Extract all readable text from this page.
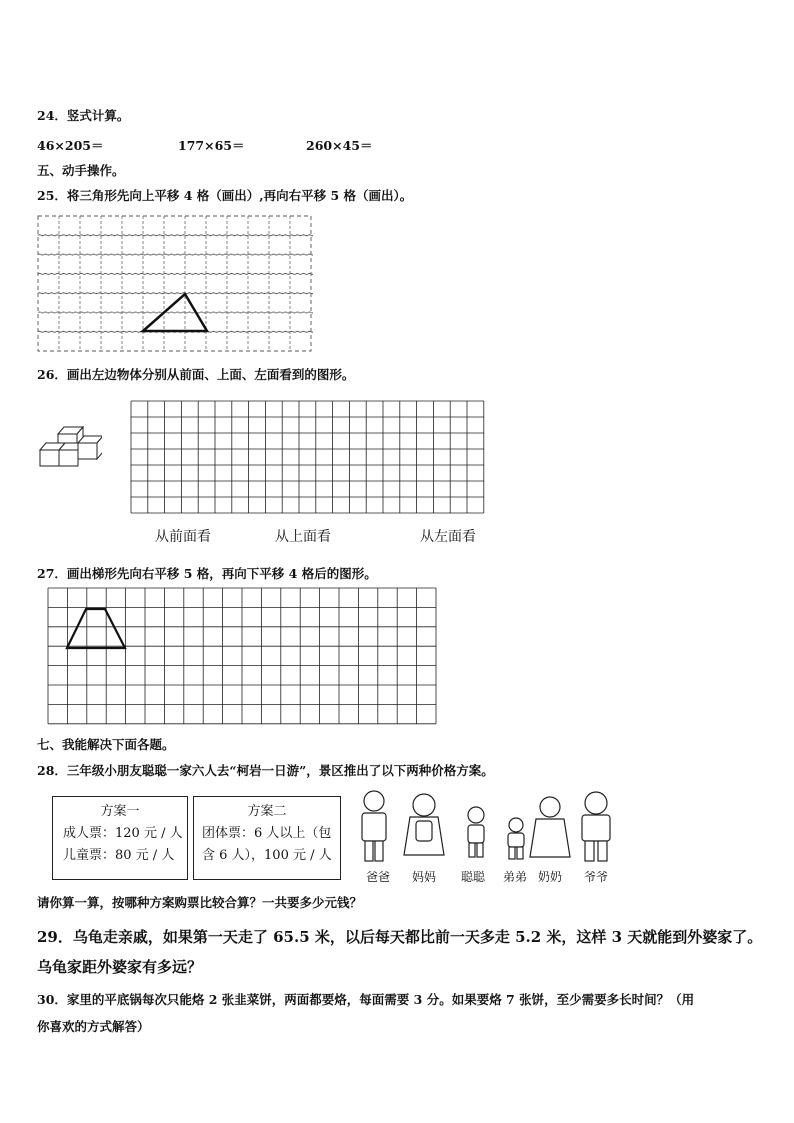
24．竖式计算。
46×205＝	177×65＝	260×45＝
五、动手操作。
25．将三角形先向上平移 4 格（画出）,再向右平移 5 格（画出）。
26．画出左边物体分别从前面、上面、左面看到的图形。
从前面看	从上面看	从左面看
27．画出梯形先向右平移 5 格，再向下平移 4 格后的图形。
七、我能解决下面各题。
28．三年级小朋友聪聪一家六人去“柯岩一日游”，景区推出了以下两种价格方案。
方案一
成人票：120 元 / 人
儿童票：80 元 / 人
方案二
团体票：6 人以上（包
含 6 人），100 元 / 人
爸爸 妈妈 聪聪 弟弟 奶奶 爷爷
请你算一算，按哪种方案购票比较合算？一共要多少元钱？
29．乌龟走亲戚，如果第一天走了 65.5 米，以后每天都比前一天多走 5.2 米，这样 3 天就能到外婆家了。
乌龟家距外婆家有多远？
30．家里的平底锅每次只能烙 2 张韭菜饼，两面都要烙，每面需要 3 分。如果要烙 7 张饼，至少需要多长时间？（用
你喜欢的方式解答）
